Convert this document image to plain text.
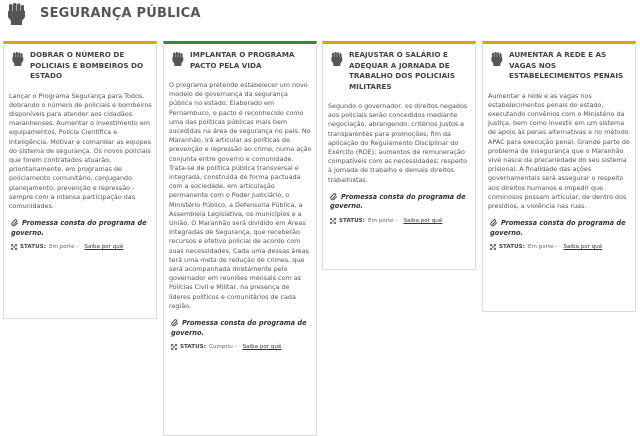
SEGURANÇA PÚBLICA
DOBRAR O NÚMERO DE POLICIAIS E BOMBEIROS DO ESTADO
Lançar o Programa Segurança para Todos, dobrando o número de policiais e bombeiros disponíveis para atender aos cidadãos maranhenses. Aumentar o investimento em equipamentos, Polícia Científica e Inteligência. Motivar e comandar as equipes do sistema de segurança. Os novos policiais que forem contratados atuarão, prioritariamente, em programas de policiamento comunitário, conjugando planejamento, prevenção e repressão - sempre com a intensa participação das comunidades.
Promessa consta do programa de governo.
STATUS: Em porte - Saiba por quê
IMPLANTAR O PROGRAMA PACTO PELA VIDA
O programa pretende estabelecer um novo modelo de governança da segurança pública no estado. Elaborado em Pernambuco, o pacto é reconhecido como uma das políticas públicas mais bem sucedidas na área de segurança no país. No Maranhão, irá articular as políticas de prevenção e repressão ao crime, numa ação conjunta entre governo e comunidade. Trata-se de política pública transversal e integrada, construída de forma pactuada com a sociedade, em articulação permanente com o Poder Judiciário, o Ministério Público, a Defensoria Pública, a Assembleia Legislativa, os municípios e a União. O Maranhão será dividido em Áreas Integradas de Segurança, que receberão recursos e efetivo policial de acordo com suas necessidades. Cada uma dessas áreas terá uma meta de redução de crimes, que será acompanhada diretamente pelo governador em reuniões mensais com as Polícias Civil e Militar, na presença de líderes políticos e comunitários de cada região.
Promessa consta do programa de governo.
STATUS: Cumpriu - Saiba por quê
REAJUSTAR O SALÁRIO E ADEQUAR A JORNADA DE TRABALHO DOS POLICIAIS MILITARES
Segundo o governador, os direitos negados aos policiais serão concedidos mediante negociação, abrangendo: critérios justos e transparentes para promoções; fim da aplicação do Regulamento Disciplinar do Exército (RDE); aumentos de remuneração compatíveis com as necessidades; respeito à jornada de trabalho e demais direitos trabalhistas.
Promessa consta do programa de governo.
STATUS: Em porte - Saiba por quê
AUMENTAR A REDE E AS VAGAS NOS ESTABELECIMENTOS PENAIS
Aumentar a rede e as vagas nos estabelecimentos penais do estado, executando convênios com o Ministério da Justiça, bem como investir em um sistema de apoio às penas alternativas e no método APAC para execução penal. Grande parte do problema de insegurança que o Maranhão vive nasce da precariedade do seu sistema prisional. A finalidade das ações governamentais será assegurar o respeito aos direitos humanos e impedir que criminosos possam articular, de dentro dos presídios, a violência nas ruas.
Promessa consta do programa de governo.
STATUS: Em porte - Saiba por quê
